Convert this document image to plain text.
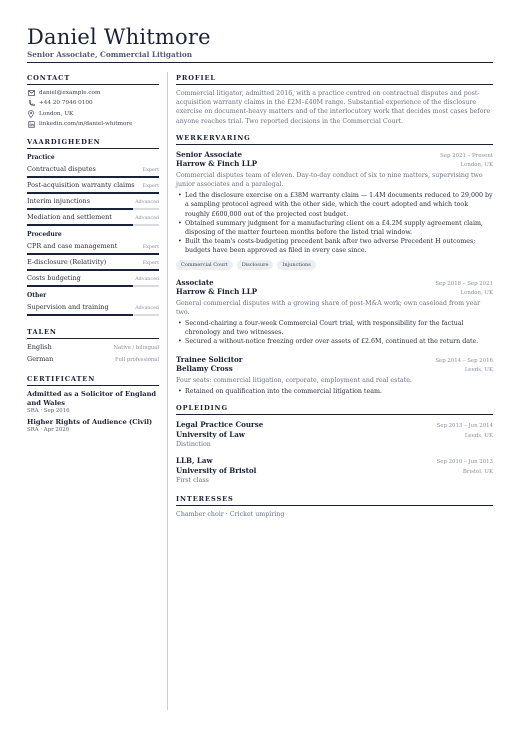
Daniel Whitmore
Senior Associate, Commercial Litigation
CONTACT
daniel@example.com
+44 20 7946 0100
London, UK
linkedin.com/in/daniel-whitmore
VAARDIGHEDEN
Practice
Contractual disputes	Expert
Post-acquisition warranty claims Expert
Interim injunctions	Advanced
Mediation and settlement	Advanced
Procedure
CPR and case management	Expert
E-disclosure (Relativity)	Expert
Costs budgeting	Advanced
Other
Supervision and training	Advanced
TALEN
English	Native / bilingual
German	Full professional
CERTIFICATEN
Admitted as a Solicitor of England and Wales
SRA · Sep 2016
Higher Rights of Audience (Civil)
SRA · Apr 2020
PROFIEL
Commercial litigator, admitted 2016, with a practice centred on contractual disputes and post-acquisition warranty claims in the £2M–£40M range. Substantial experience of the disclosure exercise on document-heavy matters and of the interlocutory work that decides most cases before anyone reaches trial. Two reported decisions in the Commercial Court.
WERKERVARING
Senior Associate	Sep 2021 – Present
Harrow & Finch LLP	London, UK
Commercial disputes team of eleven. Day-to-day conduct of six to nine matters, supervising two junior associates and a paralegal.
• Led the disclosure exercise on a £38M warranty claim — 1.4M documents reduced to 29,000 by a sampling protocol agreed with the other side, which the court adopted and which took roughly £600,000 out of the projected cost budget.
• Obtained summary judgment for a manufacturing client on a £4.2M supply agreement claim, disposing of the matter fourteen months before the listed trial window.
• Built the team's costs-budgeting precedent bank after two adverse Precedent H outcomes; budgets have been approved as filed in every case since.
Commercial Court	Disclosure	Injunctions
Associate	Sep 2018 – Sep 2021
Harrow & Finch LLP	London, UK
General commercial disputes with a growing share of post-M&A work; own caseload from year two.
• Second-chairing a four-week Commercial Court trial, with responsibility for the factual chronology and two witnesses.
• Secured a without-notice freezing order over assets of £2.6M, continued at the return date.
Trainee Solicitor	Sep 2014 – Sep 2016
Bellamy Cross	Leeds, UK
Four seats: commercial litigation, corporate, employment and real estate.
• Retained on qualification into the commercial litigation team.
OPLEIDING
Legal Practice Course	Sep 2013 – Jun 2014
University of Law	Leeds, UK
Distinction
LLB, Law	Sep 2010 – Jun 2013
University of Bristol	Bristol, UK
First class
INTERESSES
Chamber choir · Cricket umpiring
